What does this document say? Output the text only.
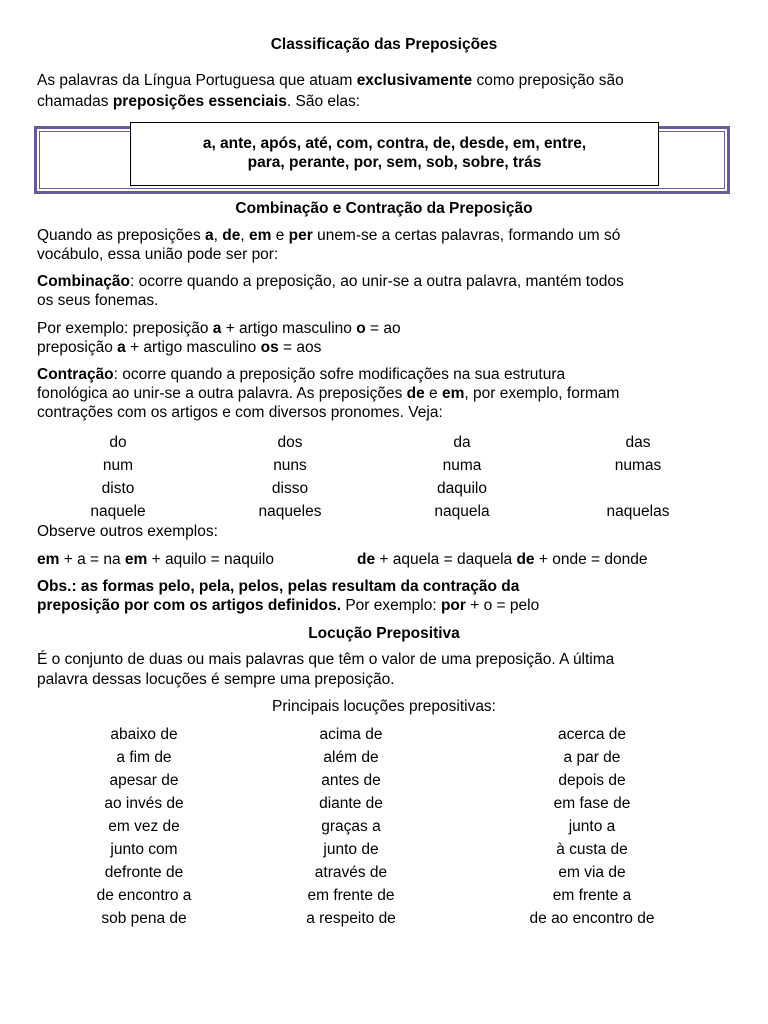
Classificação das Preposições
As palavras da Língua Portuguesa que atuam exclusivamente como preposição são
chamadas preposições essenciais. São elas:
a, ante, após, até, com, contra, de, desde, em, entre,
para, perante, por, sem, sob, sobre, trás
Combinação e Contração da Preposição
Quando as preposições a, de, em e per unem-se a certas palavras, formando um só
vocábulo, essa união pode ser por:
Combinação: ocorre quando a preposição, ao unir-se a outra palavra, mantém todos
os seus fonemas.
Por exemplo: preposição a + artigo masculino o = ao
preposição a + artigo masculino os = aos
Contração: ocorre quando a preposição sofre modificações na sua estrutura
fonológica ao unir-se a outra palavra. As preposições de e em, por exemplo, formam
contrações com os artigos e com diversos pronomes. Veja:
do
num
disto
naquele
dos
nuns
disso
naqueles
da
numa
daquilo
naquela
das
numas
naquelas
Observe outros exemplos:
em + a = na em + aquilo = naquilo	de + aquela = daquela de + onde = donde
Obs.: as formas pelo, pela, pelos, pelas resultam da contração da
preposição por com os artigos definidos. Por exemplo: por + o = pelo
Locução Prepositiva
É o conjunto de duas ou mais palavras que têm o valor de uma preposição. A última
palavra dessas locuções é sempre uma preposição.
Principais locuções prepositivas:
abaixo de
a fim de
apesar de
ao invés de
em vez de
junto com
defronte de
de encontro a
sob pena de
acima de
além de
antes de
diante de
graças a
junto de
através de
em frente de
a respeito de
acerca de
a par de
depois de
em fase de
junto a
à custa de
em via de
em frente a
de ao encontro de
